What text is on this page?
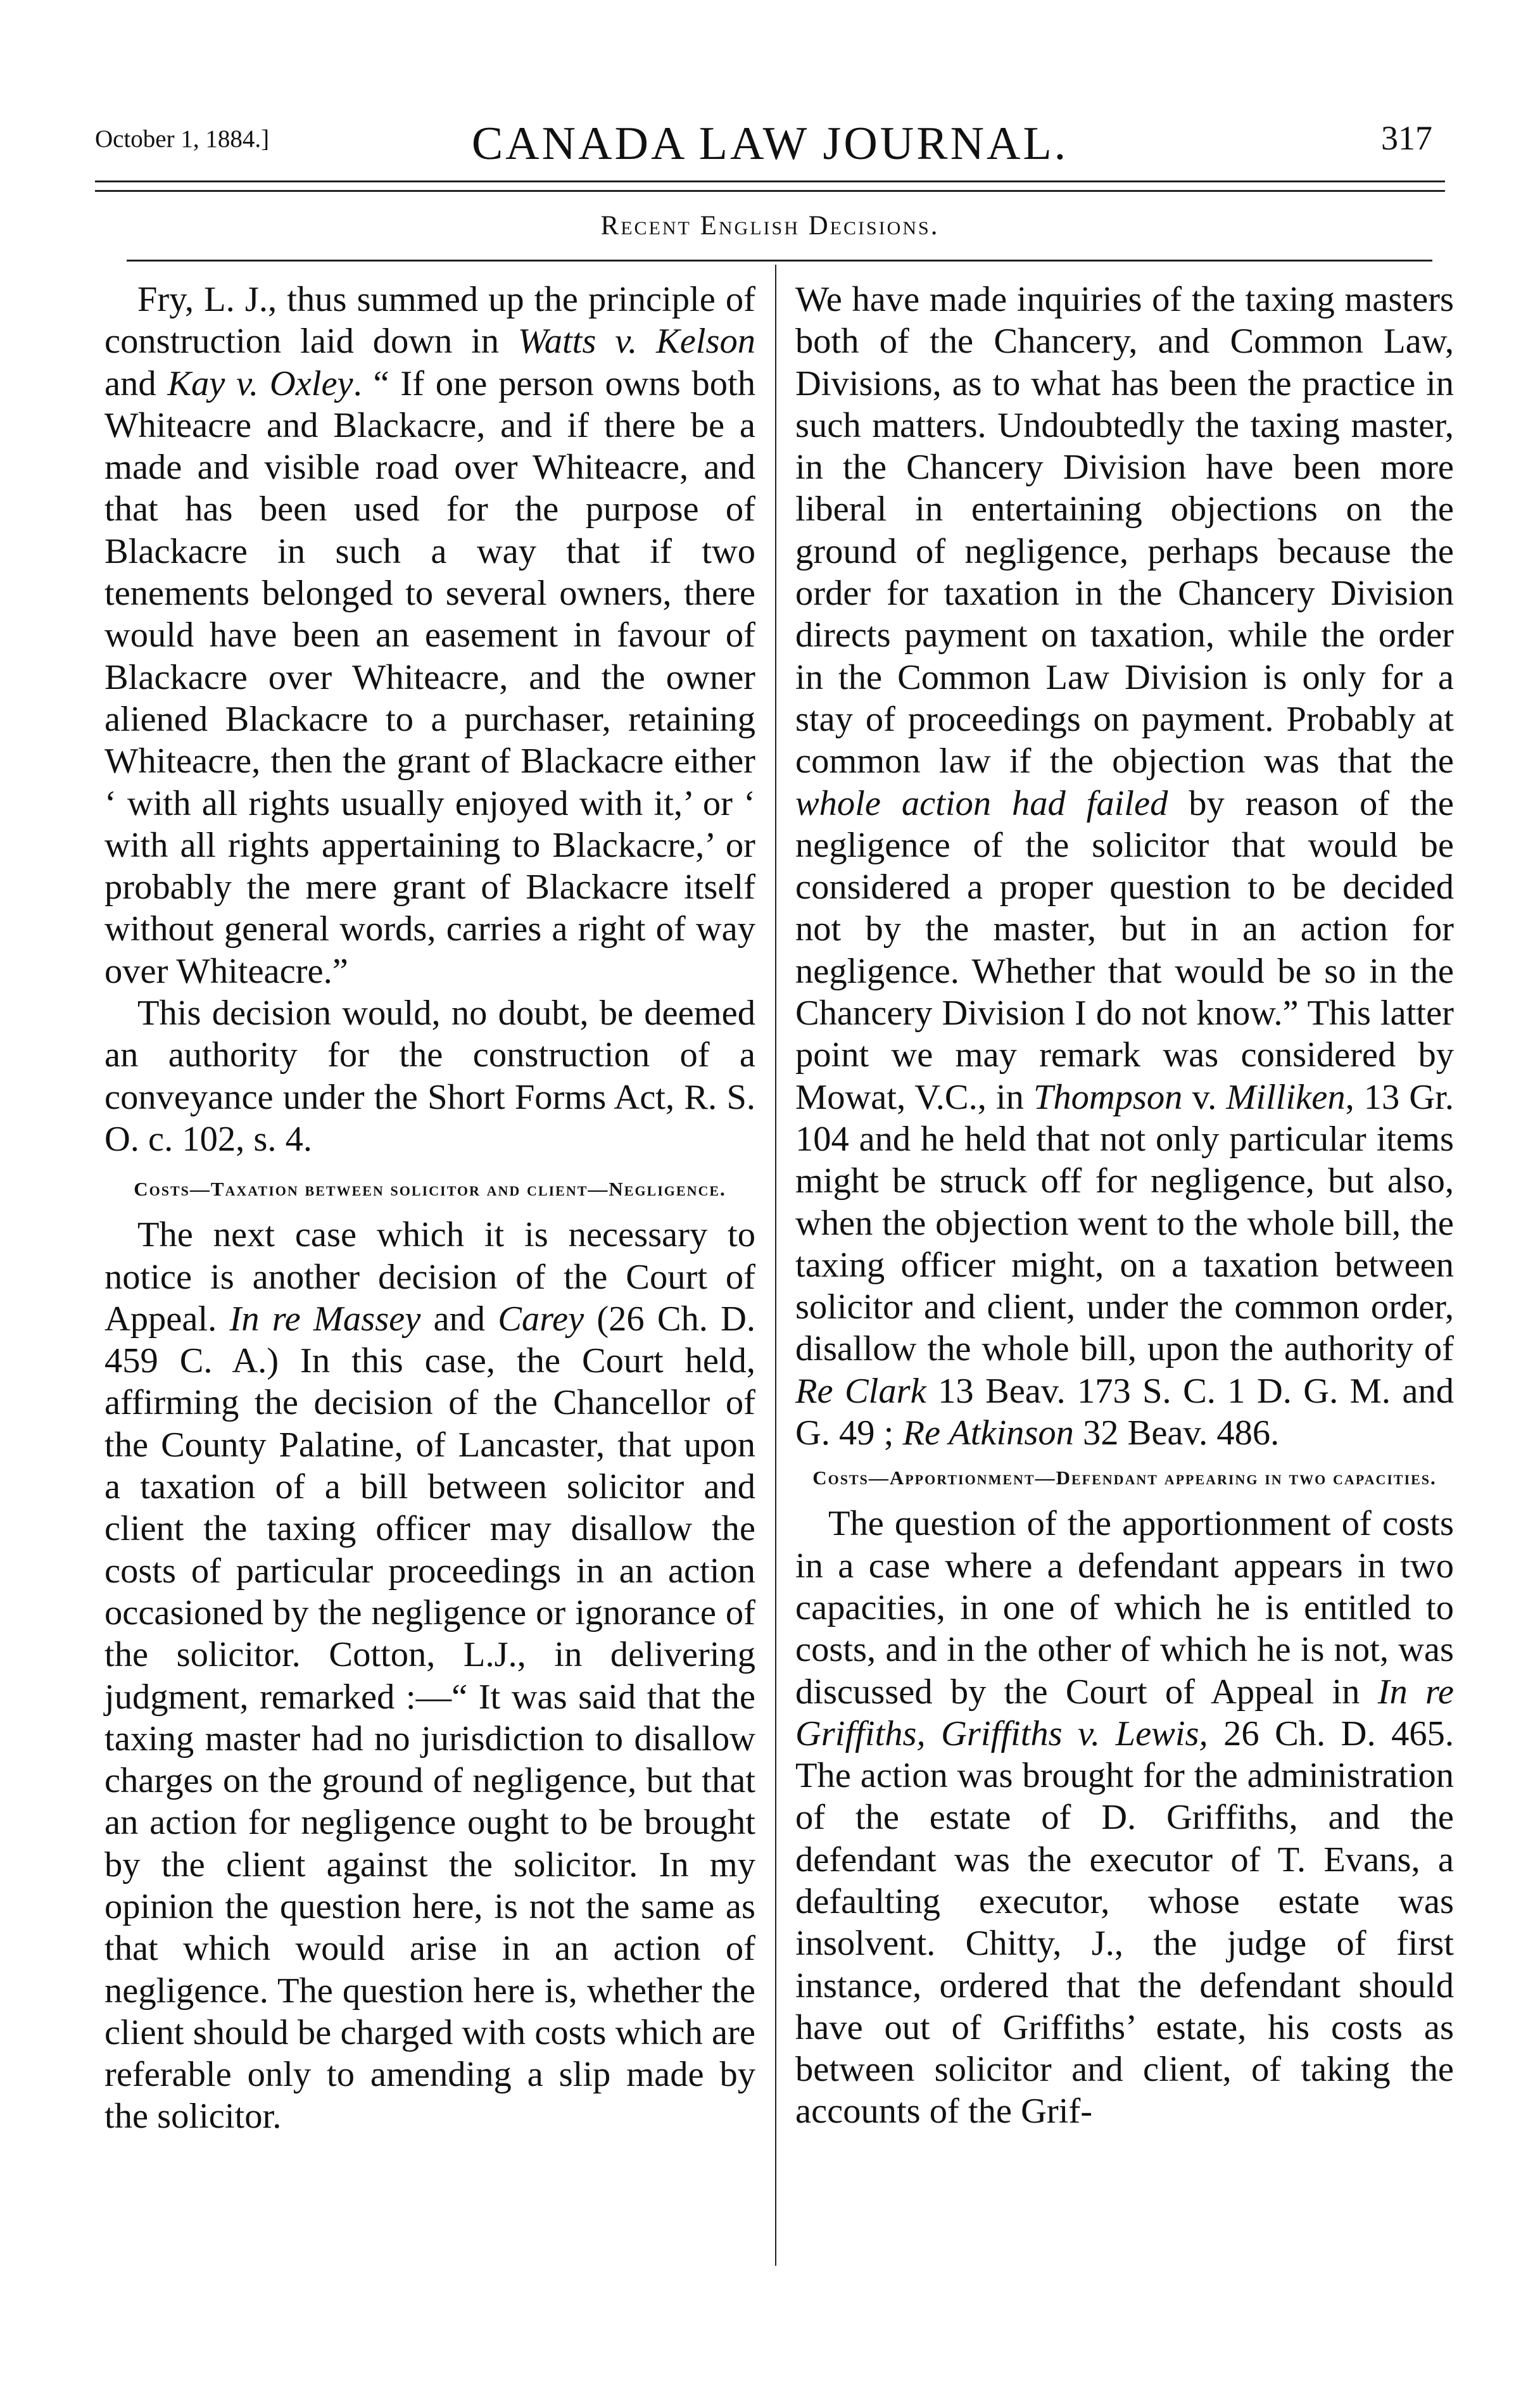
October 1, 1884.]	CANADA LAW JOURNAL.	317
Recent English Decisions.

Fry, L. J., thus summed up the principle of construction laid down in Watts v. Kelson and Kay v. Oxley. “ If one person owns both Whiteacre and Blackacre, and if there be a made and visible road over Whiteacre, and that has been used for the purpose of Blackacre in such a way that if two tenements belonged to several owners, there would have been an easement in favour of Blackacre over Whiteacre, and the owner aliened Blackacre to a purchaser, retaining Whiteacre, then the grant of Blackacre either ‘ with all rights usually enjoyed with it,’ or ‘ with all rights appertaining to Blackacre,’ or probably the mere grant of Blackacre itself without general words, carries a right of way over Whiteacre.”

This decision would, no doubt, be deemed an authority for the construction of a conveyance under the Short Forms Act, R. S. O. c. 102, s. 4.

Costs—Taxation between solicitor and client—Negligence.

The next case which it is necessary to notice is another decision of the Court of Appeal. In re Massey and Carey (26 Ch. D. 459 C. A.) In this case, the Court held, affirming the decision of the Chancellor of the County Palatine, of Lancaster, that upon a taxation of a bill between solicitor and client the taxing officer may disallow the costs of particular proceedings in an action occasioned by the negligence or ignorance of the solicitor. Cotton, L.J., in delivering judgment, remarked :—“ It was said that the taxing master had no jurisdiction to disallow charges on the ground of negligence, but that an action for negligence ought to be brought by the client against the solicitor. In my opinion the question here, is not the same as that which would arise in an action of negligence. The question here is, whether the client should be charged with costs which are referable only to amending a slip made by the solicitor.

We have made inquiries of the taxing masters both of the Chancery, and Common Law, Divisions, as to what has been the practice in such matters. Undoubtedly the taxing master, in the Chancery Division have been more liberal in entertaining objections on the ground of negligence, perhaps because the order for taxation in the Chancery Division directs payment on taxation, while the order in the Common Law Division is only for a stay of proceedings on payment. Probably at common law if the objection was that the whole action had failed by reason of the negligence of the solicitor that would be considered a proper question to be decided not by the master, but in an action for negligence. Whether that would be so in the Chancery Division I do not know.” This latter point we may remark was considered by Mowat, V.C., in Thompson v. Milliken, 13 Gr. 104 and he held that not only particular items might be struck off for negligence, but also, when the objection went to the whole bill, the taxing officer might, on a taxation between solicitor and client, under the common order, disallow the whole bill, upon the authority of Re Clark 13 Beav. 173 S. C. 1 D. G. M. and G. 49 ; Re Atkinson 32 Beav. 486.

Costs—Apportionment—Defendant appearing in two capacities.

The question of the apportionment of costs in a case where a defendant appears in two capacities, in one of which he is entitled to costs, and in the other of which he is not, was discussed by the Court of Appeal in In re Griffiths, Griffiths v. Lewis, 26 Ch. D. 465. The action was brought for the administration of the estate of D. Griffiths, and the defendant was the executor of T. Evans, a defaulting executor, whose estate was insolvent. Chitty, J., the judge of first instance, ordered that the defendant should have out of Griffiths’ estate, his costs as between solicitor and client, of taking the accounts of the Grif-
